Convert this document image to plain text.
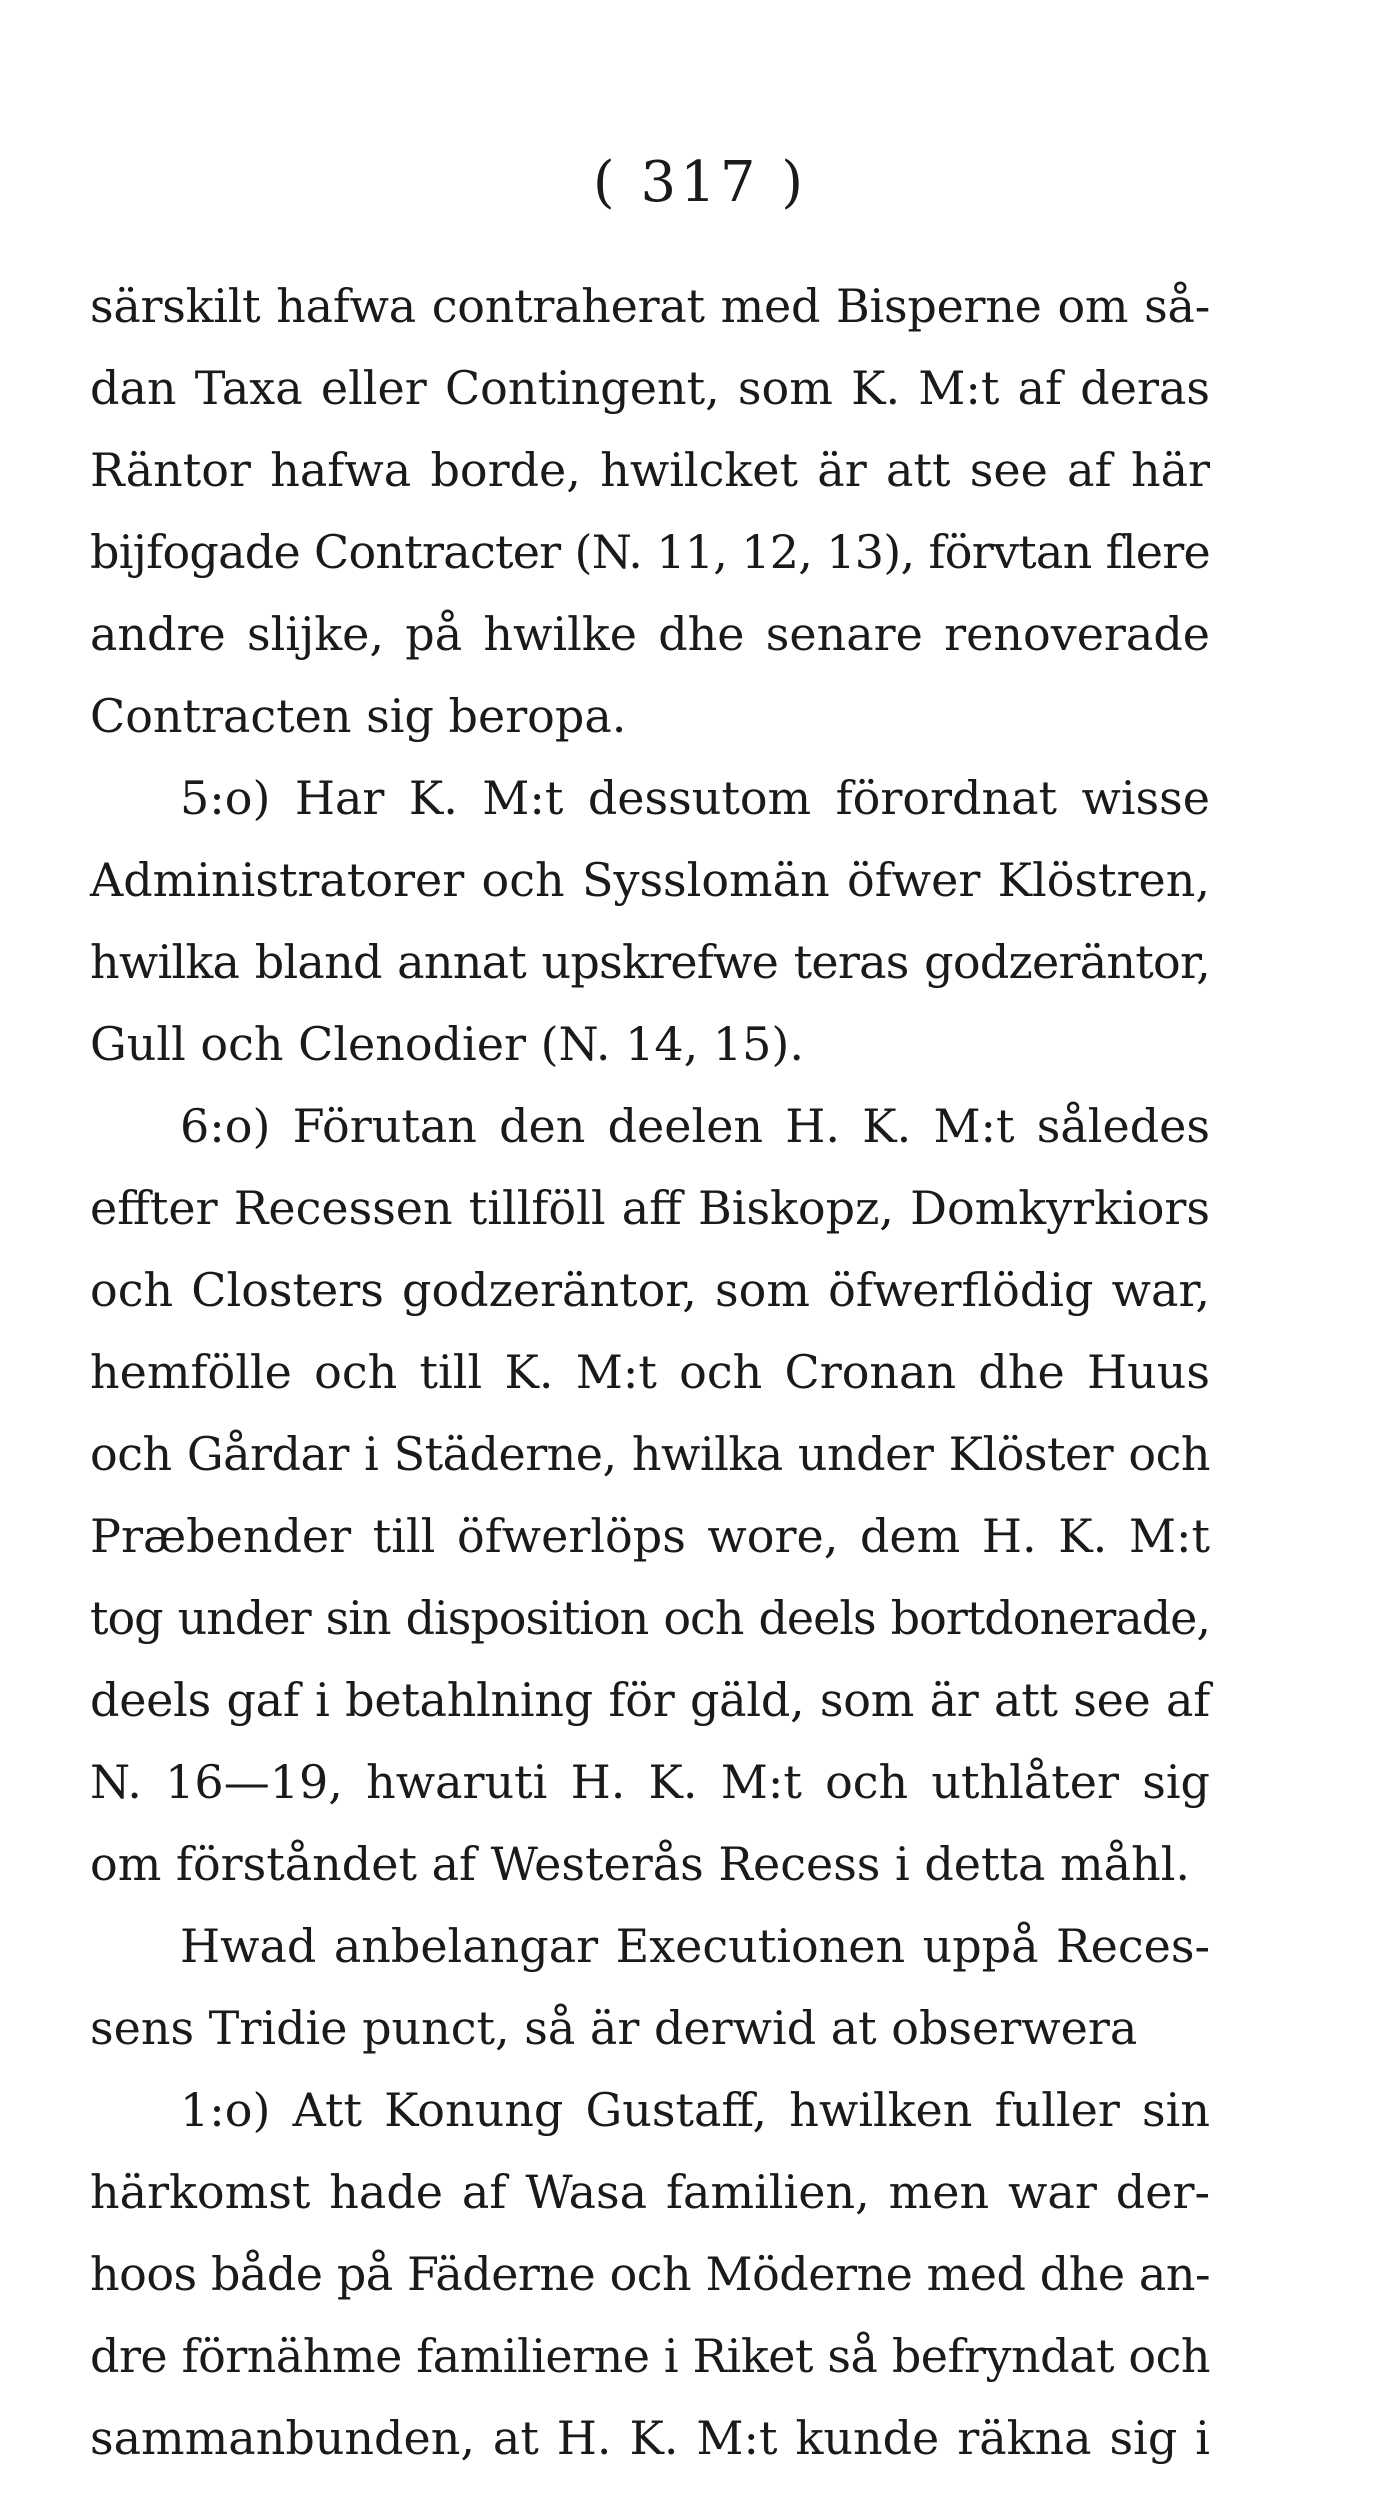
( 317 )
särskilt hafwa contraherat med Bisperne om så-
dan Taxa eller Contingent, som K. M:t af deras
Räntor hafwa borde, hwilcket är att see af här
bijfogade Contracter (N. 11, 12, 13), förvtan flere
andre slijke, på hwilke dhe senare renoverade
Contracten sig beropa.
5:o) Har K. M:t dessutom förordnat wisse
Administratorer och Sysslomän öfwer Klöstren,
hwilka bland annat upskrefwe teras godzeräntor,
Gull och Clenodier (N. 14, 15).
6:o) Förutan den deelen H. K. M:t således
effter Recessen tillföll aff Biskopz, Domkyrkiors
och Closters godzeräntor, som öfwerflödig war,
hemfölle och till K. M:t och Cronan dhe Huus
och Gårdar i Städerne, hwilka under Klöster och
Præbender till öfwerlöps wore, dem H. K. M:t
tog under sin disposition och deels bortdonerade,
deels gaf i betahlning för gäld, som är att see af
N. 16—19, hwaruti H. K. M:t och uthlåter sig
om förståndet af Westerås Recess i detta måhl.
Hwad anbelangar Executionen uppå Reces-
sens Tridie punct, så är derwid at obserwera
1:o) Att Konung Gustaff, hwilken fuller sin
härkomst hade af Wasa familien, men war der-
hoos både på Fäderne och Möderne med dhe an-
dre förnähme familierne i Riket så befryndat och
sammanbunden, at H. K. M:t kunde räkna sig i
